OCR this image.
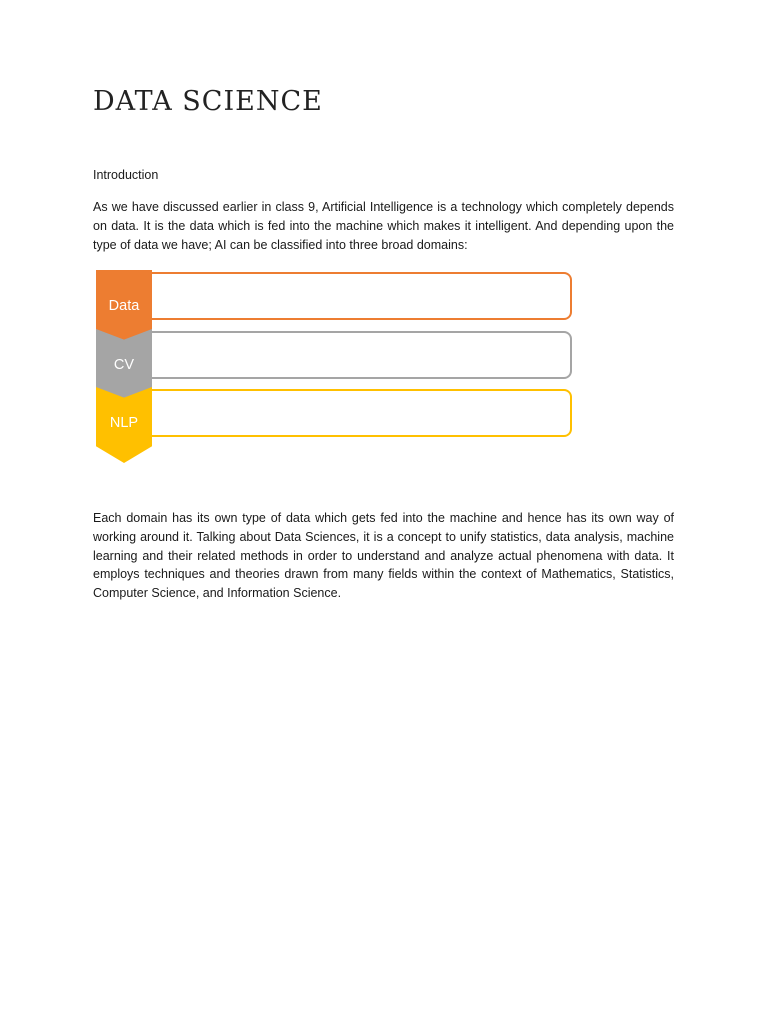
DATA SCIENCE

Introduction

As we have discussed earlier in class 9, Artificial Intelligence is a technology which completely depends on data. It is the data which is fed into the machine which makes it intelligent. And depending upon the type of data we have; AI can be classified into three broad domains:

Data
•
•
CV
•
•
NLP
•
•

Each domain has its own type of data which gets fed into the machine and hence has its own way of working around it. Talking about Data Sciences, it is a concept to unify statistics, data analysis, machine learning and their related methods in order to understand and analyze actual phenomena with data. It employs techniques and theories drawn from many fields within the context of Mathematics, Statistics, Computer Science, and Information Science.
